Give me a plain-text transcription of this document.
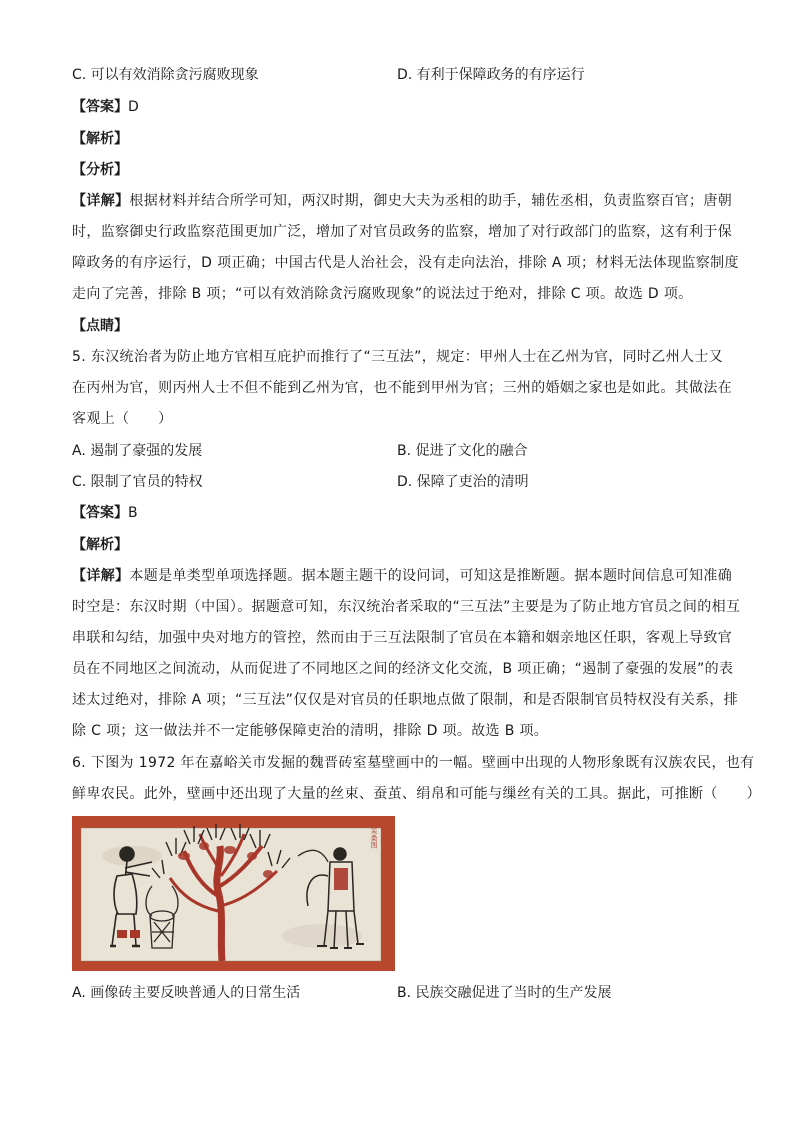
C. 可以有效消除贪污腐败现象	D. 有利于保障政务的有序运行
【答案】D
【解析】
【分析】
【详解】根据材料并结合所学可知，两汉时期，御史大夫为丞相的助手，辅佐丞相，负责监察百官；唐朝
时，监察御史行政监察范围更加广泛，增加了对官员政务的监察，增加了对行政部门的监察，这有利于保
障政务的有序运行，D 项正确；中国古代是人治社会，没有走向法治，排除 A 项；材料无法体现监察制度
走向了完善，排除 B 项；“可以有效消除贪污腐败现象”的说法过于绝对，排除 C 项。故选 D 项。
【点睛】
5. 东汉统治者为防止地方官相互庇护而推行了“三互法”，规定：甲州人士在乙州为官，同时乙州人士又
在丙州为官，则丙州人士不但不能到乙州为官，也不能到甲州为官；三州的婚姻之家也是如此。其做法在
客观上（　　）
A. 遏制了豪强的发展	B. 促进了文化的融合
C. 限制了官员的特权	D. 保障了吏治的清明
【答案】B
【解析】
【详解】本题是单类型单项选择题。据本题主题干的设问词，可知这是推断题。据本题时间信息可知准确
时空是：东汉时期（中国）。据题意可知，东汉统治者采取的“三互法”主要是为了防止地方官员之间的相互
串联和勾结，加强中央对地方的管控，然而由于三互法限制了官员在本籍和姻亲地区任职，客观上导致官
员在不同地区之间流动，从而促进了不同地区之间的经济文化交流，B 项正确；“遏制了豪强的发展”的表
述太过绝对，排除 A 项；“三互法”仅仅是对官员的任职地点做了限制，和是否限制官员特权没有关系，排
除 C 项；这一做法并不一定能够保障吏治的清明，排除 D 项。故选 B 项。
6. 下图为 1972 年在嘉峪关市发掘的魏晋砖室墓壁画中的一幅。壁画中出现的人物形象既有汉族农民，也有
鲜卑农民。此外，壁画中还出现了大量的丝束、蚕茧、绢帛和可能与缫丝有关的工具。据此，可推断（　　）
采桑图
A. 画像砖主要反映普通人的日常生活	B. 民族交融促进了当时的生产发展
